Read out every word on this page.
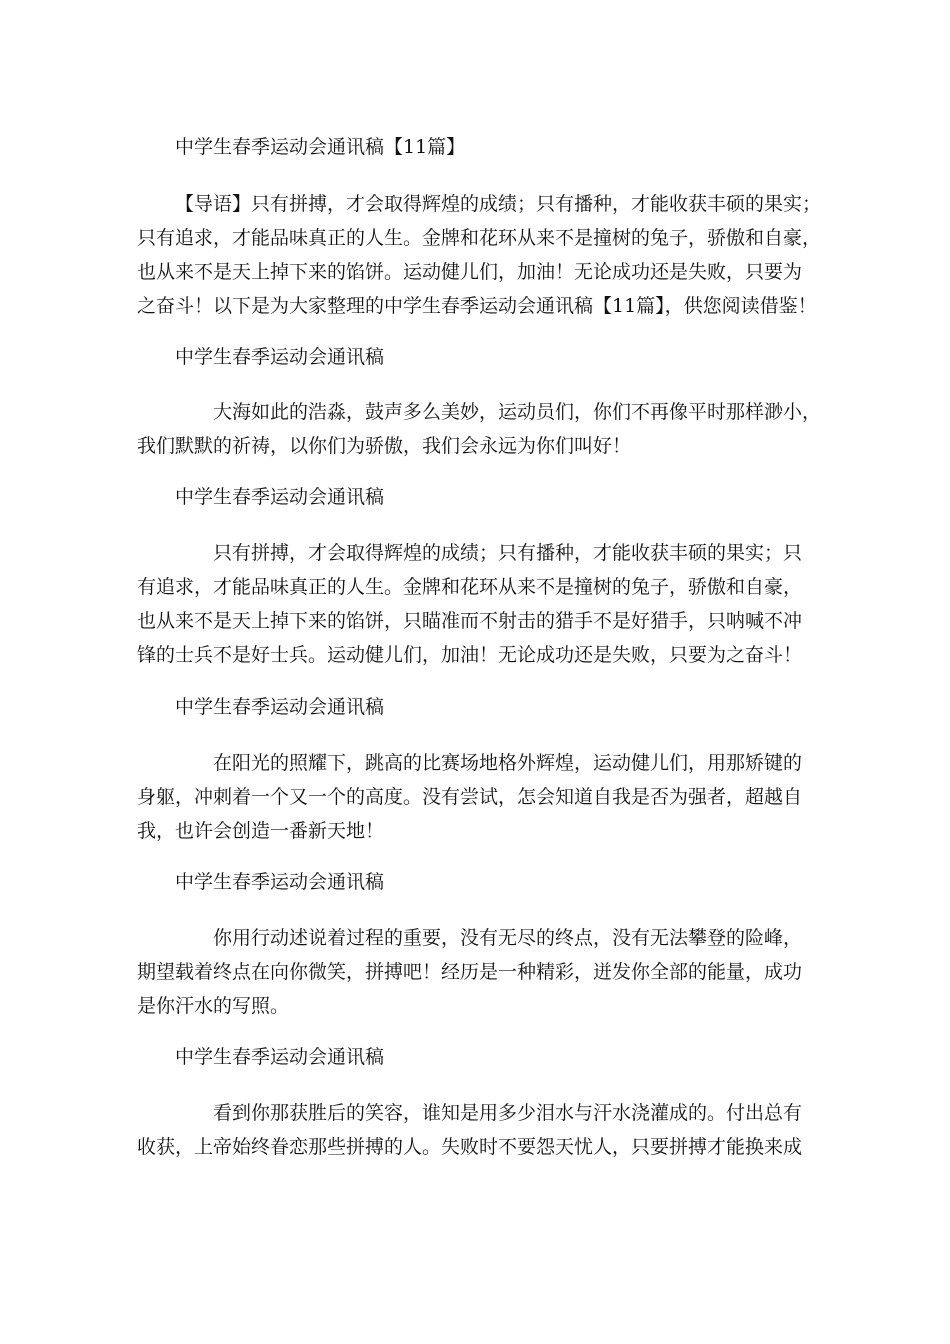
中学生春季运动会通讯稿【11篇】
【导语】只有拼搏，才会取得辉煌的成绩；只有播种，才能收获丰硕的果实；
只有追求，才能品味真正的人生。金牌和花环从来不是撞树的兔子，骄傲和自豪，
也从来不是天上掉下来的馅饼。运动健儿们，加油！无论成功还是失败，只要为
之奋斗！以下是为大家整理的中学生春季运动会通讯稿【11篇】，供您阅读借鉴！
中学生春季运动会通讯稿
大海如此的浩淼，鼓声多么美妙，运动员们，你们不再像平时那样渺小，
我们默默的祈祷，以你们为骄傲，我们会永远为你们叫好！
中学生春季运动会通讯稿
只有拼搏，才会取得辉煌的成绩；只有播种，才能收获丰硕的果实；只
有追求，才能品味真正的人生。金牌和花环从来不是撞树的兔子，骄傲和自豪，
也从来不是天上掉下来的馅饼，只瞄准而不射击的猎手不是好猎手，只呐喊不冲
锋的士兵不是好士兵。运动健儿们，加油！无论成功还是失败，只要为之奋斗！
中学生春季运动会通讯稿
在阳光的照耀下，跳高的比赛场地格外辉煌，运动健儿们，用那矫键的
身躯，冲刺着一个又一个的高度。没有尝试，怎会知道自我是否为强者，超越自
我，也许会创造一番新天地！
中学生春季运动会通讯稿
你用行动述说着过程的重要，没有无尽的终点，没有无法攀登的险峰，
期望载着终点在向你微笑，拼搏吧！经历是一种精彩，迸发你全部的能量，成功
是你汗水的写照。
中学生春季运动会通讯稿
看到你那获胜后的笑容，谁知是用多少泪水与汗水浇灌成的。付出总有
收获，上帝始终眷恋那些拼搏的人。失败时不要怨天忧人，只要拼搏才能换来成
